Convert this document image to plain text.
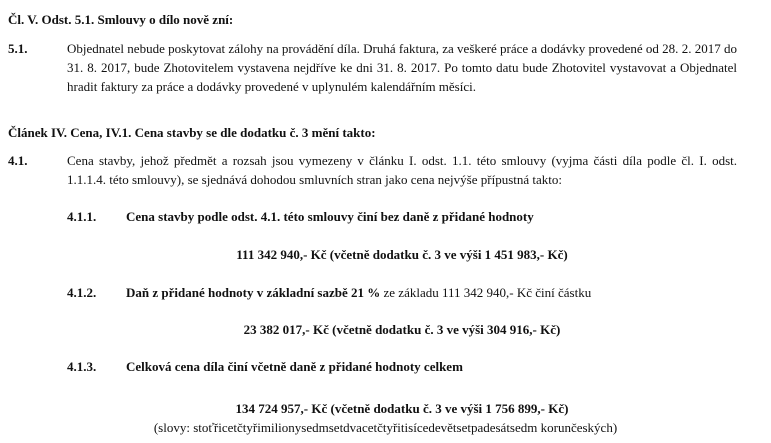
Čl. V. Odst. 5.1. Smlouvy o dílo nově zní:
5.1.	Objednatel nebude poskytovat zálohy na provádění díla. Druhá faktura, za veškeré práce a dodávky provedené od 28. 2. 2017 do 31. 8. 2017, bude Zhotovitelem vystavena nejdříve ke dni 31. 8. 2017. Po tomto datu bude Zhotovitel vystavovat a Objednatel hradit faktury za práce a dodávky provedené v uplynulém kalendářním měsíci.
Článek IV. Cena, IV.1. Cena stavby se dle dodatku č. 3 mění takto:
4.1.	Cena stavby, jehož předmět a rozsah jsou vymezeny v článku I. odst. 1.1. této smlouvy (vyjma části díla podle čl. I. odst. 1.1.1.4. této smlouvy), se sjednává dohodou smluvních stran jako cena nejvýše přípustná takto:
4.1.1. Cena stavby podle odst. 4.1. této smlouvy činí bez daně z přidané hodnoty
111 342 940,- Kč (včetně dodatku č. 3 ve výši 1 451 983,- Kč)
4.1.2. Daň z přidané hodnoty v základní sazbě 21 % ze základu 111 342 940,- Kč činí částku
23 382 017,- Kč (včetně dodatku č. 3 ve výši 304 916,- Kč)
4.1.3. Celková cena díla činí včetně daně z přidané hodnoty celkem
134 724 957,- Kč (včetně dodatku č. 3 ve výši 1 756 899,- Kč)
(slovy: stoťřicetčtyřimilionysedmsetdvacetčtyřitisícedevětsetpadesátsedm korunčeských)
